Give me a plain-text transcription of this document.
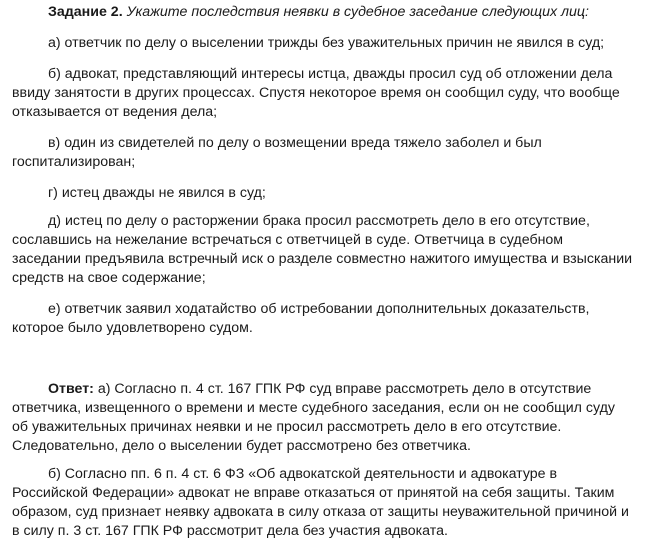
Задание 2. Укажите последствия неявки в судебное заседание следующих лиц:

а) ответчик по делу о выселении трижды без уважительных причин не явился в суд;

б) адвокат, представляющий интересы истца, дважды просил суд об отложении дела ввиду занятости в других процессах. Спустя некоторое время он сообщил суду, что вообще отказывается от ведения дела;

в) один из свидетелей по делу о возмещении вреда тяжело заболел и был госпитализирован;

г) истец дважды не явился в суд;

д) истец по делу о расторжении брака просил рассмотреть дело в его отсутствие, сославшись на нежелание встречаться с ответчицей в суде. Ответчица в судебном заседании предъявила встречный иск о разделе совместно нажитого имущества и взыскании средств на свое содержание;

е) ответчик заявил ходатайство об истребовании дополнительных доказательств, которое было удовлетворено судом.

Ответ: а) Согласно п. 4 ст. 167 ГПК РФ суд вправе рассмотреть дело в отсутствие ответчика, извещенного о времени и месте судебного заседания, если он не сообщил суду об уважительных причинах неявки и не просил рассмотреть дело в его отсутствие. Следовательно, дело о выселении будет рассмотрено без ответчика.

б) Согласно пп. 6 п. 4 ст. 6 ФЗ «Об адвокатской деятельности и адвокатуре в Российской Федерации» адвокат не вправе отказаться от принятой на себя защиты. Таким образом, суд признает неявку адвоката в силу отказа от защиты неуважительной причиной и в силу п. 3 ст. 167 ГПК РФ рассмотрит дела без участия адвоката.
